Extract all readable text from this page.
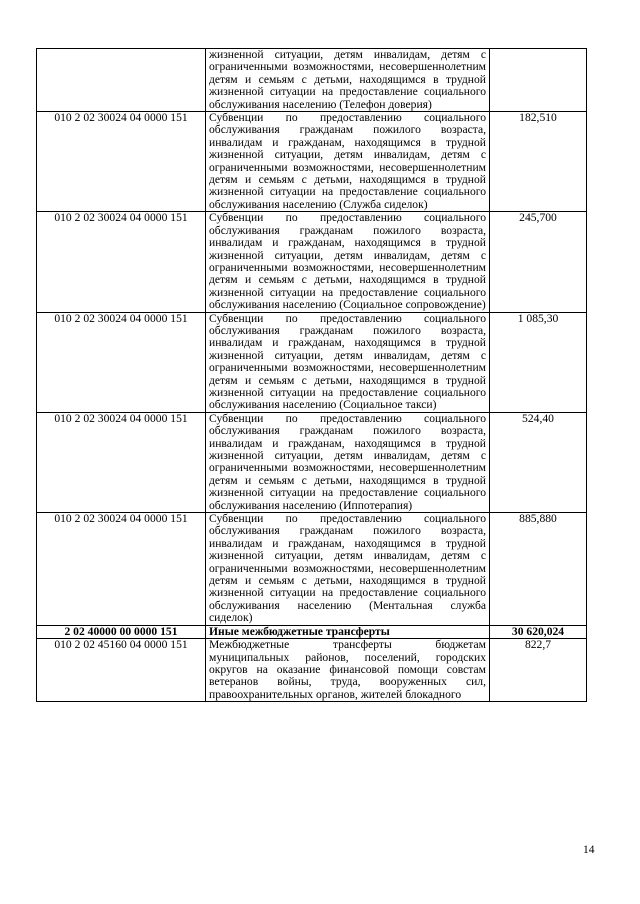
	жизненной ситуации, детям инвалидам, детям с ограниченными возможностями, несовершеннолетним детям и семьям с детьми, находящимся в трудной жизненной ситуации на предоставление социального обслуживания населению (Телефон доверия)	
010 2 02 30024 04 0000 151	Субвенции по предоставлению социального обслуживания гражданам пожилого возраста, инвалидам и гражданам, находящимся в трудной жизненной ситуации, детям инвалидам, детям с ограниченными возможностями, несовершеннолетним детям и семьям с детьми, находящимся в трудной жизненной ситуации на предоставление социального обслуживания населению (Служба сиделок)	182,510
010 2 02 30024 04 0000 151	Субвенции по предоставлению социального обслуживания гражданам пожилого возраста, инвалидам и гражданам, находящимся в трудной жизненной ситуации, детям инвалидам, детям с ограниченными возможностями, несовершеннолетним детям и семьям с детьми, находящимся в трудной жизненной ситуации на предоставление социального обслуживания населению (Социальное сопровождение)	245,700
010 2 02 30024 04 0000 151	Субвенции по предоставлению социального обслуживания гражданам пожилого возраста, инвалидам и гражданам, находящимся в трудной жизненной ситуации, детям инвалидам, детям с ограниченными возможностями, несовершеннолетним детям и семьям с детьми, находящимся в трудной жизненной ситуации на предоставление социального обслуживания населению (Социальное такси)	1 085,30
010 2 02 30024 04 0000 151	Субвенции по предоставлению социального обслуживания гражданам пожилого возраста, инвалидам и гражданам, находящимся в трудной жизненной ситуации, детям инвалидам, детям с ограниченными возможностями, несовершеннолетним детям и семьям с детьми, находящимся в трудной жизненной ситуации на предоставление социального обслуживания населению (Иппотерапия)	524,40
010 2 02 30024 04 0000 151	Субвенции по предоставлению социального обслуживания гражданам пожилого возраста, инвалидам и гражданам, находящимся в трудной жизненной ситуации, детям инвалидам, детям с ограниченными возможностями, несовершеннолетним детям и семьям с детьми, находящимся в трудной жизненной ситуации на предоставление социального обслуживания населению (Ментальная служба сиделок)	885,880
2 02 40000 00 0000 151	Иные межбюджетные трансферты	30 620,024
010 2 02 45160 04 0000 151	Межбюджетные трансферты бюджетам муниципальных районов, поселений, городских округов на оказание финансовой помощи совстам ветеранов войны, труда, вооруженных сил, правоохранительных органов, жителей блокадного	822,7
14
